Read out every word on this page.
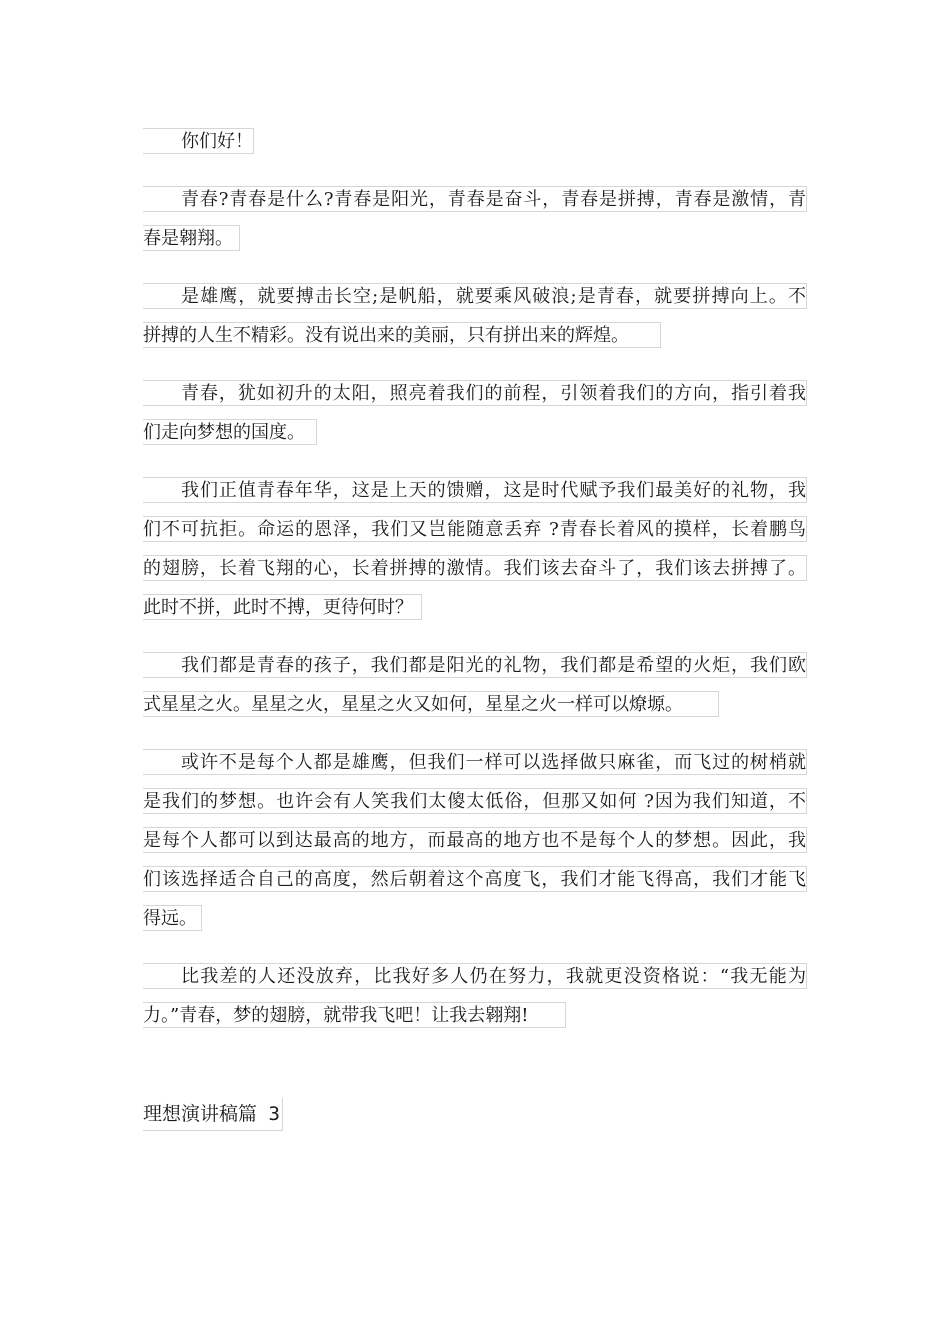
你们好！
青春?青春是什么?青春是阳光，青春是奋斗，青春是拼搏，青春是激情，青
春是翱翔。
是雄鹰，就要搏击长空;是帆船，就要乘风破浪;是青春，就要拼搏向上。不
拼搏的人生不精彩。没有说出来的美丽，只有拼出来的辉煌。
青春，犹如初升的太阳，照亮着我们的前程，引领着我们的方向，指引着我
们走向梦想的国度。
我们正值青春年华，这是上天的馈赠，这是时代赋予我们最美好的礼物，我
们不可抗拒。命运的恩泽，我们又岂能随意丢弃 ?青春长着风的摸样，长着鹏鸟
的翅膀，长着飞翔的心，长着拼搏的激情。我们该去奋斗了，我们该去拼搏了。
此时不拼，此时不搏，更待何时？
我们都是青春的孩子，我们都是阳光的礼物，我们都是希望的火炬，我们欧
式星星之火。星星之火，星星之火又如何，星星之火一样可以燎塬。
或许不是每个人都是雄鹰，但我们一样可以选择做只麻雀，而飞过的树梢就
是我们的梦想。也许会有人笑我们太傻太低俗，但那又如何 ?因为我们知道，不
是每个人都可以到达最高的地方，而最高的地方也不是每个人的梦想。因此，我
们该选择适合自己的高度，然后朝着这个高度飞，我们才能飞得高，我们才能飞
得远。
比我差的人还没放弃，比我好多人仍在努力，我就更没资格说：“我无能为
力。”青春，梦的翅膀，就带我飞吧！让我去翱翔!
理想演讲稿篇 3
